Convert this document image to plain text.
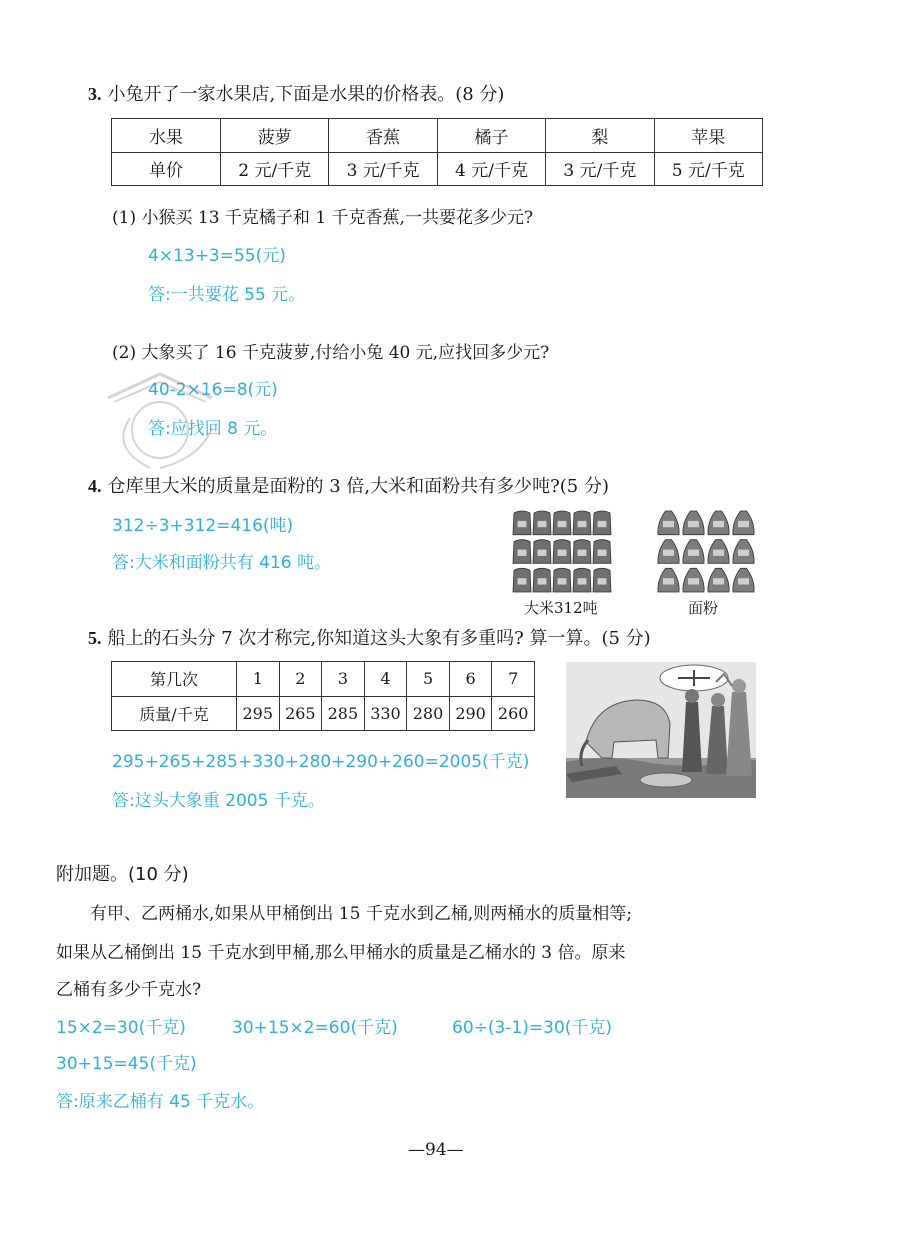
3. 小兔开了一家水果店,下面是水果的价格表。(8 分)
水果	菠萝	香蕉	橘子	梨	苹果
单价	2 元/千克	3 元/千克	4 元/千克	3 元/千克	5 元/千克
(1) 小猴买 13 千克橘子和 1 千克香蕉,一共要花多少元?
4×13+3=55(元)
答:一共要花 55 元。
(2) 大象买了 16 千克菠萝,付给小兔 40 元,应找回多少元?
40-2×16=8(元)
答:应找回 8 元。
4. 仓库里大米的质量是面粉的 3 倍,大米和面粉共有多少吨?(5 分)
312÷3+312=416(吨)
答:大米和面粉共有 416 吨。
大米312吨	面粉
5. 船上的石头分 7 次才称完,你知道这头大象有多重吗? 算一算。(5 分)
第几次	1	2	3	4	5	6	7
质量/千克	295	265	285	330	280	290	260
295+265+285+330+280+290+260=2005(千克)
答:这头大象重 2005 千克。
附加题。(10 分)
有甲、乙两桶水,如果从甲桶倒出 15 千克水到乙桶,则两桶水的质量相等;
如果从乙桶倒出 15 千克水到甲桶,那么甲桶水的质量是乙桶水的 3 倍。原来
乙桶有多少千克水?
15×2=30(千克)	30+15×2=60(千克)	60÷(3-1)=30(千克)
30+15=45(千克)
答:原来乙桶有 45 千克水。
—94—
